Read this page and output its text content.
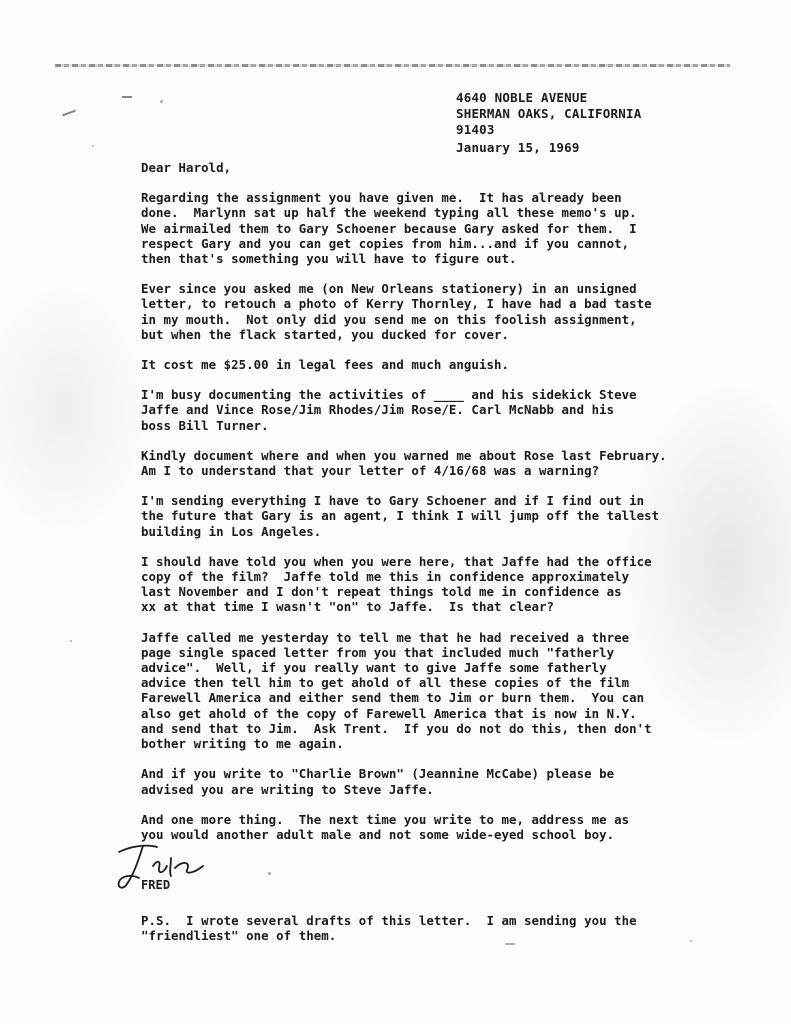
4640 NOBLE AVENUE
SHERMAN OAKS, CALIFORNIA
91403
January 15, 1969
Dear Harold,
Regarding the assignment you have given me.  It has already been
done.  Marlynn sat up half the weekend typing all these memo's up.
We airmailed them to Gary Schoener because Gary asked for them.  I
respect Gary and you can get copies from him...and if you cannot,
then that's something you will have to figure out.
Ever since you asked me (on New Orleans stationery) in an unsigned
letter, to retouch a photo of Kerry Thornley, I have had a bad taste
in my mouth.  Not only did you send me on this foolish assignment,
but when the flack started, you ducked for cover.
It cost me $25.00 in legal fees and much anguish.
I'm busy documenting the activities of ____ and his sidekick Steve
Jaffe and Vince Rose/Jim Rhodes/Jim Rose/E. Carl McNabb and his
boss Bill Turner.
Kindly document where and when you warned me about Rose last February.
Am I to understand that your letter of 4/16/68 was a warning?
I'm sending everything I have to Gary Schoener and if I find out in
the future that Gary is an agent, I think I will jump off the tallest
building in Los Angeles.
I should have told you when you were here, that Jaffe had the office
copy of the film?  Jaffe told me this in confidence approximately
last November and I don't repeat things told me in confidence as
xx at that time I wasn't "on" to Jaffe.  Is that clear?
Jaffe called me yesterday to tell me that he had received a three
page single spaced letter from you that included much "fatherly
advice".  Well, if you really want to give Jaffe some fatherly
advice then tell him to get ahold of all these copies of the film
Farewell America and either send them to Jim or burn them.  You can
also get ahold of the copy of Farewell America that is now in N.Y.
and send that to Jim.  Ask Trent.  If you do not do this, then don't
bother writing to me again.
And if you write to "Charlie Brown" (Jeannine McCabe) please be
advised you are writing to Steve Jaffe.
And one more thing.  The next time you write to me, address me as
you would another adult male and not some wide-eyed school boy.
FRED
P.S.  I wrote several drafts of this letter.  I am sending you the
"friendliest" one of them.
